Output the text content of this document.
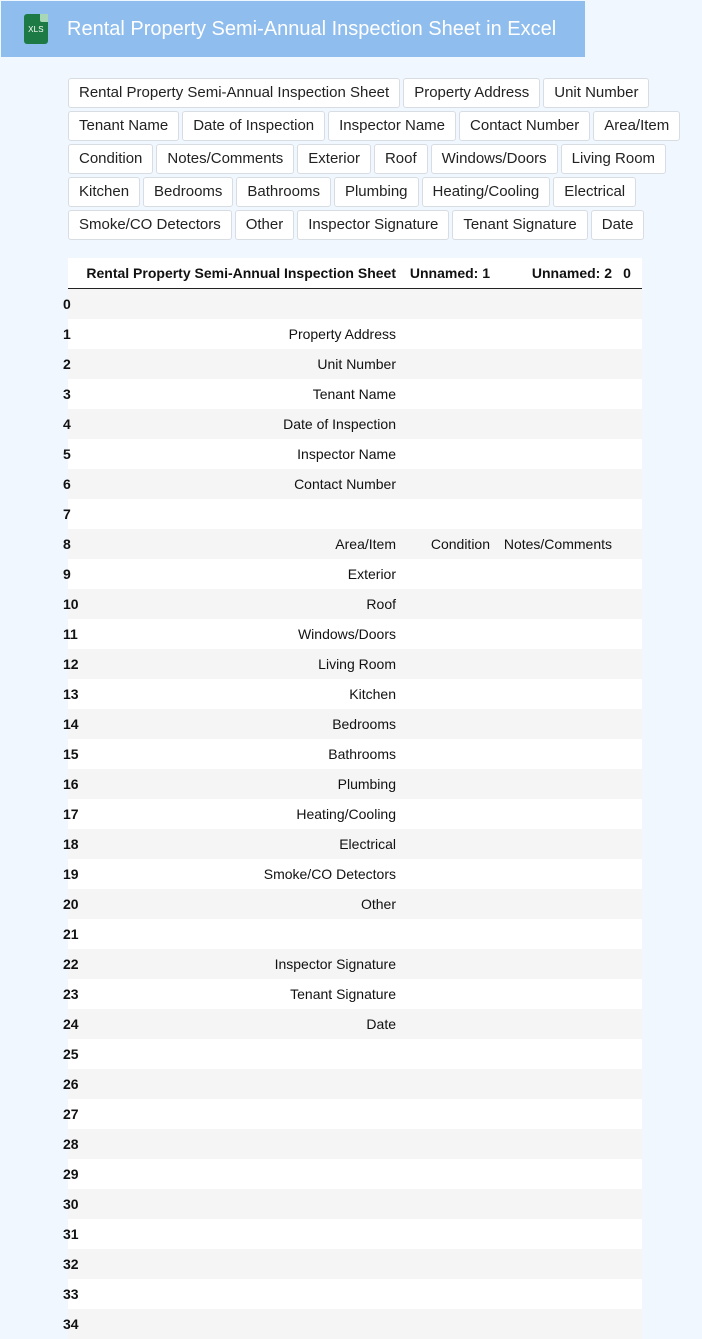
XLS Rental Property Semi-Annual Inspection Sheet in Excel
Rental Property Semi-Annual Inspection Sheet	Property Address	Unit Number
Tenant Name	Date of Inspection	Inspector Name	Contact Number	Area/Item
Condition	Notes/Comments	Exterior	Roof	Windows/Doors	Living Room
Kitchen	Bedrooms	Bathrooms	Plumbing	Heating/Cooling	Electrical
Smoke/CO Detectors	Other	Inspector Signature	Tenant Signature	Date
	Rental Property Semi-Annual Inspection Sheet	Unnamed: 1	Unnamed: 2	0

0				

1	Property Address			

2	Unit Number			

3	Tenant Name			

4	Date of Inspection			

5	Inspector Name			

6	Contact Number			

7				

8	Area/Item	Condition	Notes/Comments	

9	Exterior			

10	Roof			

11	Windows/Doors			

12	Living Room			

13	Kitchen			

14	Bedrooms			

15	Bathrooms			

16	Plumbing			

17	Heating/Cooling			

18	Electrical			

19	Smoke/CO Detectors			

20	Other			

21				

22	Inspector Signature			

23	Tenant Signature			

24	Date			

25				

26				

27				

28				

29				

30				

31				

32				

33				

34				
